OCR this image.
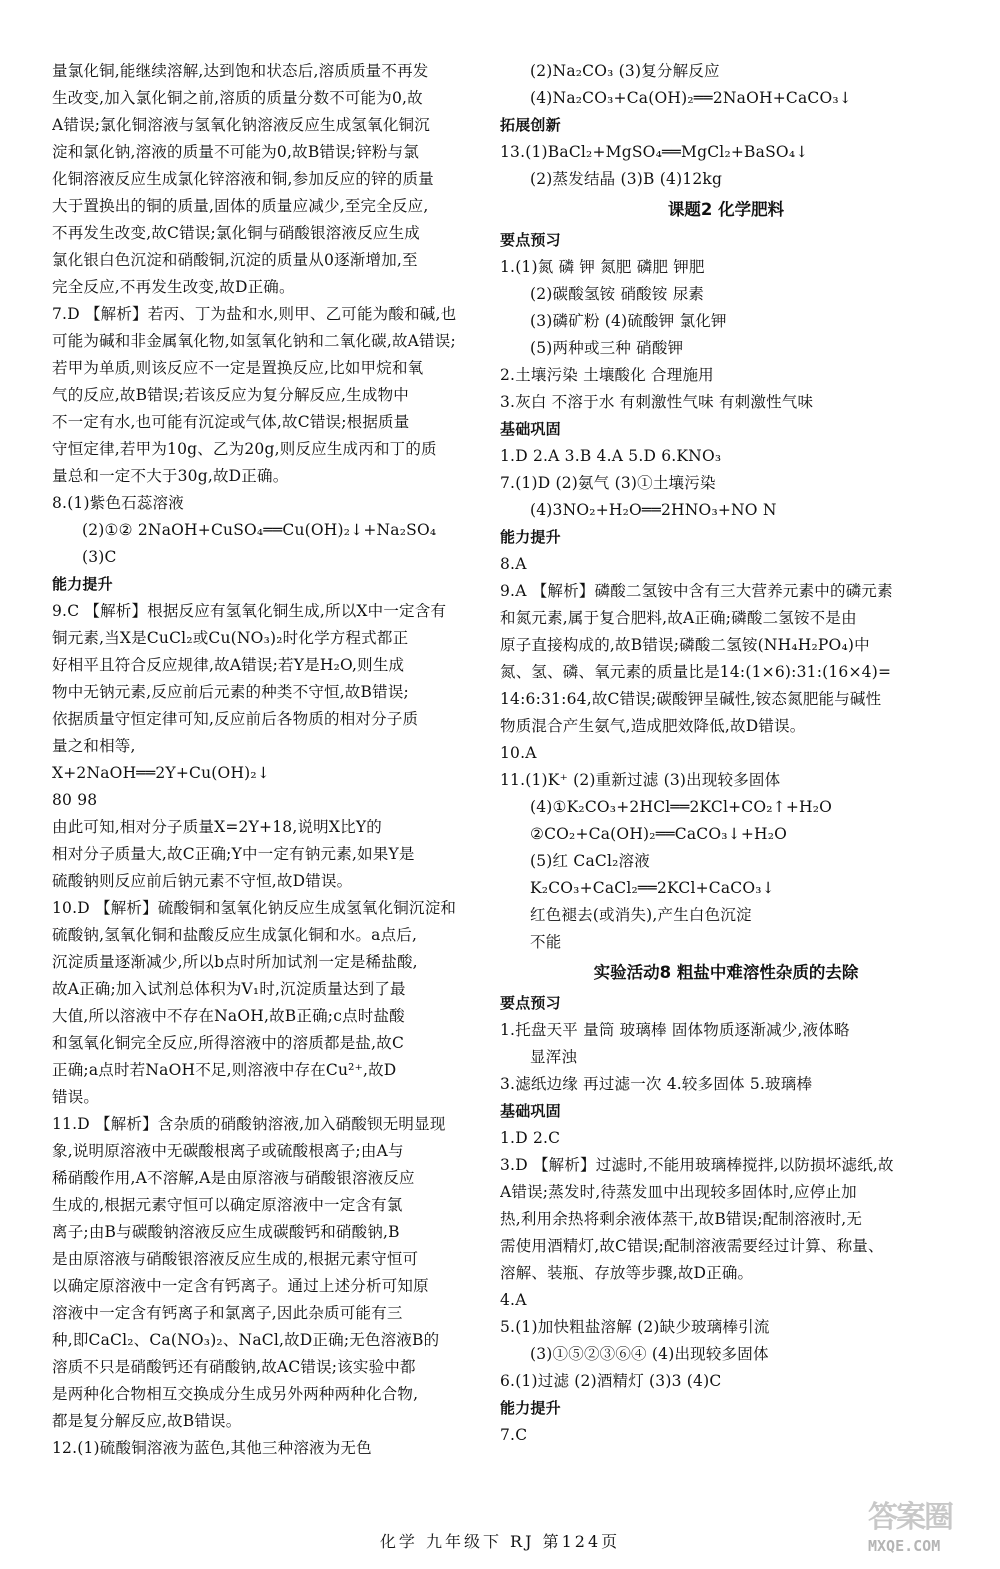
量氯化铜,能继续溶解,达到饱和状态后,溶质质量不再发
生改变,加入氯化铜之前,溶质的质量分数不可能为0,故
A错误;氯化铜溶液与氢氧化钠溶液反应生成氢氧化铜沉
淀和氯化钠,溶液的质量不可能为0,故B错误;锌粉与氯
化铜溶液反应生成氯化锌溶液和铜,参加反应的锌的质量
大于置换出的铜的质量,固体的质量应减少,至完全反应,
不再发生改变,故C错误;氯化铜与硝酸银溶液反应生成
氯化银白色沉淀和硝酸铜,沉淀的质量从0逐渐增加,至
完全反应,不再发生改变,故D正确。
7.D 【解析】若丙、丁为盐和水,则甲、乙可能为酸和碱,也
可能为碱和非金属氧化物,如氢氧化钠和二氧化碳,故A错误;
若甲为单质,则该反应不一定是置换反应,比如甲烷和氧
气的反应,故B错误;若该反应为复分解反应,生成物中
不一定有水,也可能有沉淀或气体,故C错误;根据质量
守恒定律,若甲为10g、乙为20g,则反应生成丙和丁的质
量总和一定不大于30g,故D正确。
8.(1)紫色石蕊溶液
(2)①② 2NaOH+CuSO₄══Cu(OH)₂↓+Na₂SO₄
(3)C
能力提升
9.C 【解析】根据反应有氢氧化铜生成,所以X中一定含有
铜元素,当X是CuCl₂或Cu(NO₃)₂时化学方程式都正
好相平且符合反应规律,故A错误;若Y是H₂O,则生成
物中无钠元素,反应前后元素的种类不守恒,故B错误;
依据质量守恒定律可知,反应前后各物质的相对分子质
量之和相等,
X+2NaOH══2Y+Cu(OH)₂↓
80 98
由此可知,相对分子质量X=2Y+18,说明X比Y的
相对分子质量大,故C正确;Y中一定有钠元素,如果Y是
硫酸钠则反应前后钠元素不守恒,故D错误。
10.D 【解析】硫酸铜和氢氧化钠反应生成氢氧化铜沉淀和
硫酸钠,氢氧化铜和盐酸反应生成氯化铜和水。a点后,
沉淀质量逐渐减少,所以b点时所加试剂一定是稀盐酸,
故A正确;加入试剂总体积为V₁时,沉淀质量达到了最
大值,所以溶液中不存在NaOH,故B正确;c点时盐酸
和氢氧化铜完全反应,所得溶液中的溶质都是盐,故C
正确;a点时若NaOH不足,则溶液中存在Cu²⁺,故D
错误。
11.D 【解析】含杂质的硝酸钠溶液,加入硝酸钡无明显现
象,说明原溶液中无碳酸根离子或硫酸根离子;由A与
稀硝酸作用,A不溶解,A是由原溶液与硝酸银溶液反应
生成的,根据元素守恒可以确定原溶液中一定含有氯
离子;由B与碳酸钠溶液反应生成碳酸钙和硝酸钠,B
是由原溶液与硝酸银溶液反应生成的,根据元素守恒可
以确定原溶液中一定含有钙离子。通过上述分析可知原
溶液中一定含有钙离子和氯离子,因此杂质可能有三
种,即CaCl₂、Ca(NO₃)₂、NaCl,故D正确;无色溶液B的
溶质不只是硝酸钙还有硝酸钠,故AC错误;该实验中都
是两种化合物相互交换成分生成另外两种两种化合物,
都是复分解反应,故B错误。
12.(1)硫酸铜溶液为蓝色,其他三种溶液为无色
(2)Na₂CO₃ (3)复分解反应
(4)Na₂CO₃+Ca(OH)₂══2NaOH+CaCO₃↓
拓展创新
13.(1)BaCl₂+MgSO₄══MgCl₂+BaSO₄↓
(2)蒸发结晶 (3)B (4)12kg
课题2 化学肥料
要点预习
1.(1)氮 磷 钾 氮肥 磷肥 钾肥
(2)碳酸氢铵 硝酸铵 尿素
(3)磷矿粉 (4)硫酸钾 氯化钾
(5)两种或三种 硝酸钾
2.土壤污染 土壤酸化 合理施用
3.灰白 不溶于水 有刺激性气味 有刺激性气味
基础巩固
1.D 2.A 3.B 4.A 5.D 6.KNO₃
7.(1)D (2)氨气 (3)①土壤污染
(4)3NO₂+H₂O══2HNO₃+NO N
能力提升
8.A
9.A 【解析】磷酸二氢铵中含有三大营养元素中的磷元素
和氮元素,属于复合肥料,故A正确;磷酸二氢铵不是由
原子直接构成的,故B错误;磷酸二氢铵(NH₄H₂PO₄)中
氮、氢、磷、氧元素的质量比是14:(1×6):31:(16×4)=
14:6:31:64,故C错误;碳酸钾呈碱性,铵态氮肥能与碱性
物质混合产生氨气,造成肥效降低,故D错误。
10.A
11.(1)K⁺ (2)重新过滤 (3)出现较多固体
(4)①K₂CO₃+2HCl══2KCl+CO₂↑+H₂O
②CO₂+Ca(OH)₂══CaCO₃↓+H₂O
(5)红 CaCl₂溶液
K₂CO₃+CaCl₂══2KCl+CaCO₃↓
红色褪去(或消失),产生白色沉淀
不能
实验活动8 粗盐中难溶性杂质的去除
要点预习
1.托盘天平 量筒 玻璃棒 固体物质逐渐减少,液体略
显浑浊
3.滤纸边缘 再过滤一次 4.较多固体 5.玻璃棒
基础巩固
1.D 2.C
3.D 【解析】过滤时,不能用玻璃棒搅拌,以防损坏滤纸,故
A错误;蒸发时,待蒸发皿中出现较多固体时,应停止加
热,利用余热将剩余液体蒸干,故B错误;配制溶液时,无
需使用酒精灯,故C错误;配制溶液需要经过计算、称量、
溶解、装瓶、存放等步骤,故D正确。
4.A
5.(1)加快粗盐溶解 (2)缺少玻璃棒引流
(3)①⑤②③⑥④ (4)出现较多固体
6.(1)过滤 (2)酒精灯 (3)3 (4)C
能力提升
7.C
化学 九年级下 RJ 第124页
答案圈
MXQE.COM
